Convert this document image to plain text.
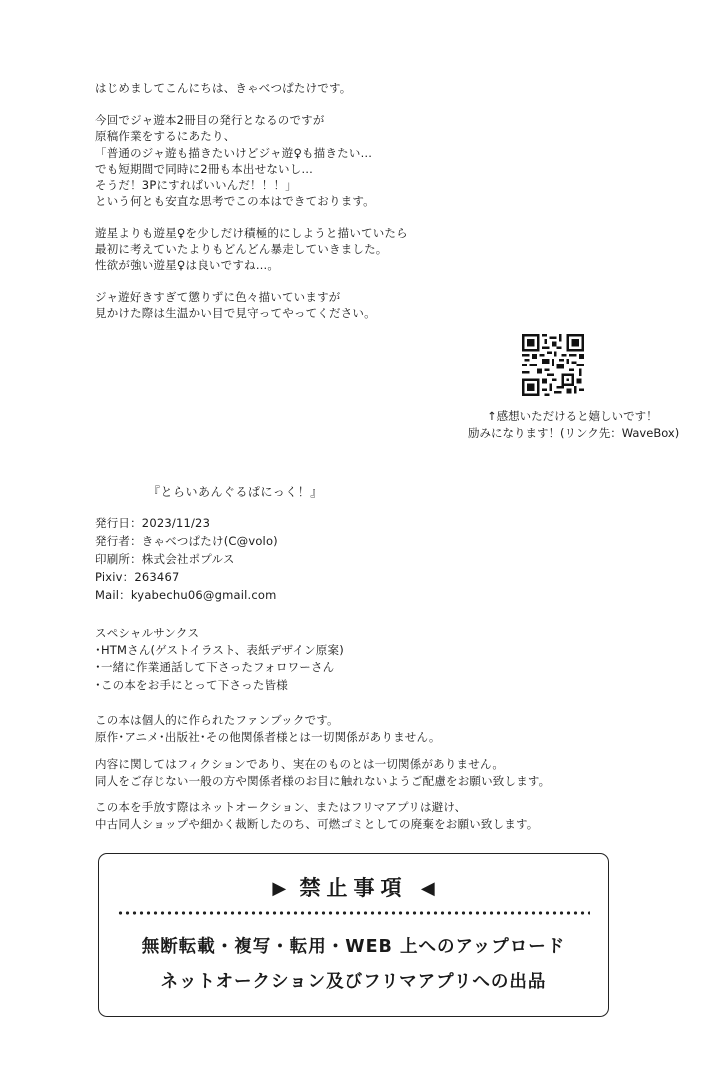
はじめましてこんにちは、きゃべつぱたけです。
今回でジャ遊本2冊目の発行となるのですが
原稿作業をするにあたり、
「普通のジャ遊も描きたいけどジャ遊♀も描きたい…
でも短期間で同時に2冊も本出せないし…
そうだ！3Pにすればいいんだ！！！」
という何とも安直な思考でこの本はできております。
遊星よりも遊星♀を少しだけ積極的にしようと描いていたら
最初に考えていたよりもどんどん暴走していきました。
性欲が強い遊星♀は良いですね…。
ジャ遊好きすぎて懲りずに色々描いていますが
見かけた際は生温かい目で見守ってやってください。
↑感想いただけると嬉しいです！
励みになります！(リンク先：WaveBox)
『とらいあんぐるぱにっく！』
発行日：2023/11/23
発行者：きゃべつぱたけ(C@volo)
印刷所：株式会社ポプルス
Pixiv：263467
Mail：kyabechu06@gmail.com
スペシャルサンクス
･HTMさん(ゲストイラスト、表紙デザイン原案)
･一緒に作業通話して下さったフォロワーさん
･この本をお手にとって下さった皆様
この本は個人的に作られたファンブックです。
原作･アニメ･出版社･その他関係者様とは一切関係がありません。
内容に関してはフィクションであり、実在のものとは一切関係がありません。
同人をご存じない一般の方や関係者様のお目に触れないようご配慮をお願い致します。
この本を手放す際はネットオークション、またはフリマアプリは避け、
中古同人ショップや細かく裁断したのち、可燃ゴミとしての廃棄をお願い致します。
▶ 禁止事項 ◀
無断転載・複写・転用・WEB 上へのアップロード
ネットオークション及びフリマアプリへの出品
